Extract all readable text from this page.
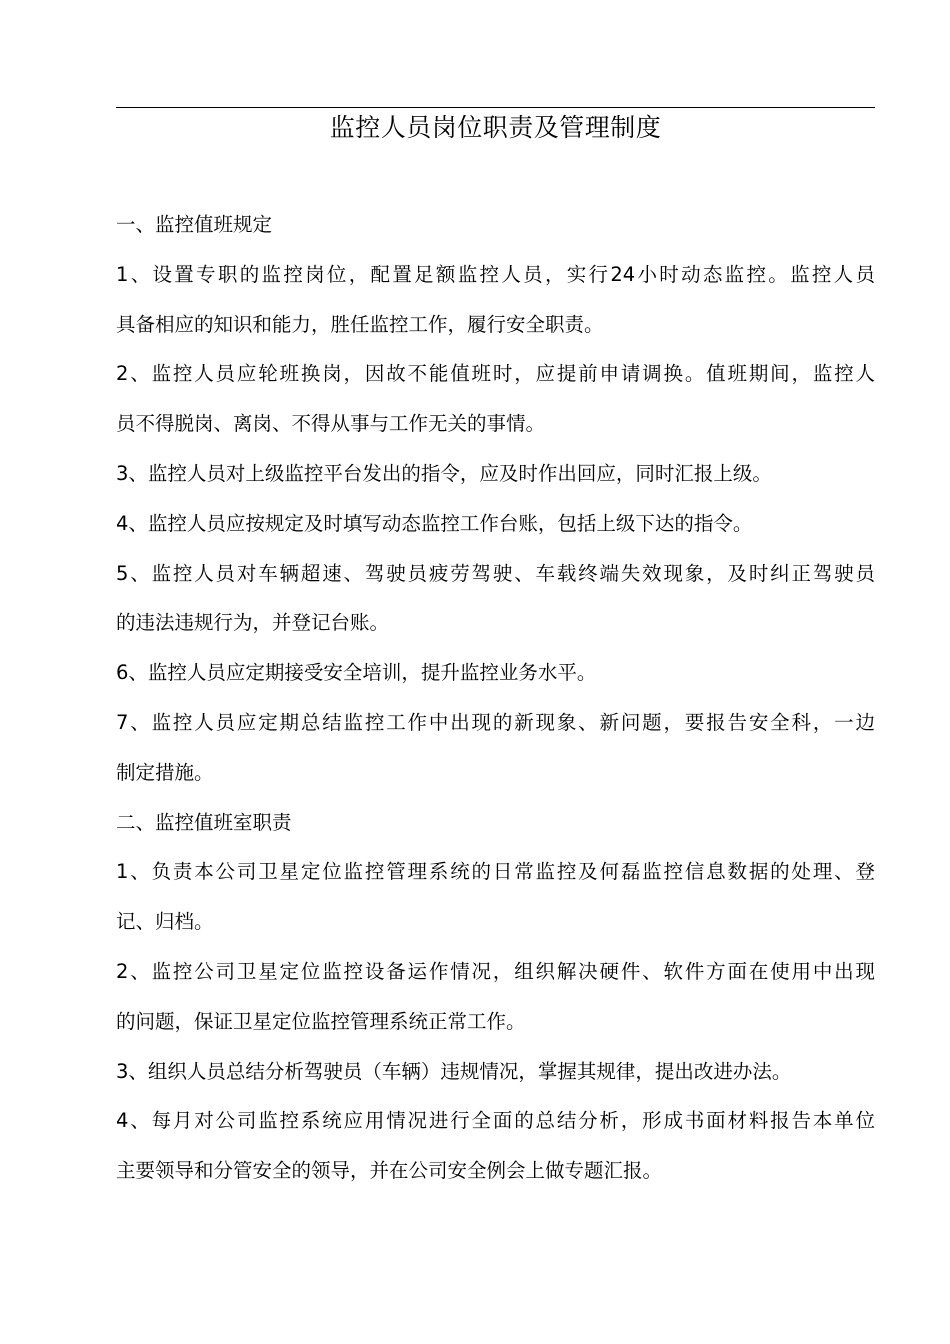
监控人员岗位职责及管理制度
一、监控值班规定
1、设置专职的监控岗位，配置足额监控人员，实行24小时动态监控。监控人员
具备相应的知识和能力，胜任监控工作，履行安全职责。
2、监控人员应轮班换岗，因故不能值班时，应提前申请调换。值班期间，监控人
员不得脱岗、离岗、不得从事与工作无关的事情。
3、监控人员对上级监控平台发出的指令，应及时作出回应，同时汇报上级。
4、监控人员应按规定及时填写动态监控工作台账，包括上级下达的指令。
5、监控人员对车辆超速、驾驶员疲劳驾驶、车载终端失效现象，及时纠正驾驶员
的违法违规行为，并登记台账。
6、监控人员应定期接受安全培训，提升监控业务水平。
7、监控人员应定期总结监控工作中出现的新现象、新问题，要报告安全科，一边
制定措施。
二、监控值班室职责
1、负责本公司卫星定位监控管理系统的日常监控及何磊监控信息数据的处理、登
记、归档。
2、监控公司卫星定位监控设备运作情况，组织解决硬件、软件方面在使用中出现
的问题，保证卫星定位监控管理系统正常工作。
3、组织人员总结分析驾驶员（车辆）违规情况，掌握其规律，提出改进办法。
4、每月对公司监控系统应用情况进行全面的总结分析，形成书面材料报告本单位
主要领导和分管安全的领导，并在公司安全例会上做专题汇报。
